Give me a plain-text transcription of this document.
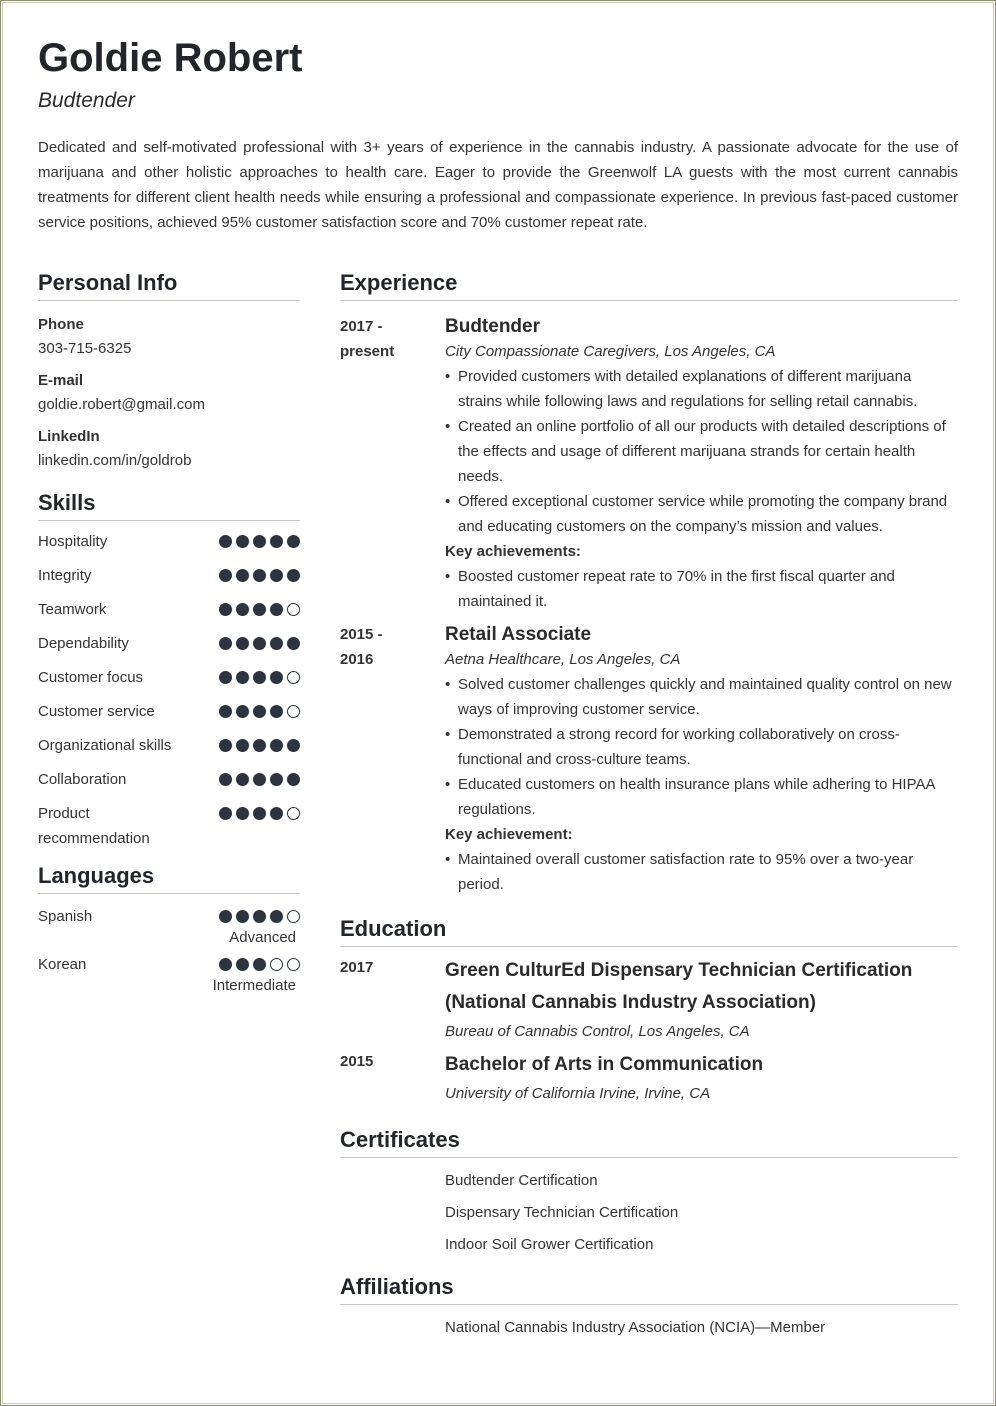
Goldie Robert
Budtender
Dedicated and self-motivated professional with 3+ years of experience in the cannabis industry. A passionate advocate for the use of marijuana and other holistic approaches to health care. Eager to provide the Greenwolf LA guests with the most current cannabis treatments for different client health needs while ensuring a professional and compassionate experience. In previous fast-paced customer service positions, achieved 95% customer satisfaction score and 70% customer repeat rate.
Personal Info
Phone
303-715-6325
E-mail
goldie.robert@gmail.com
LinkedIn
linkedin.com/in/goldrob
Skills
Hospitality
Integrity
Teamwork
Dependability
Customer focus
Customer service
Organizational skills
Collaboration
Product recommendation
Languages
Spanish
Advanced
Korean
Intermediate
Experience
2017 -
present
Budtender
City Compassionate Caregivers, Los Angeles, CA
• Provided customers with detailed explanations of different marijuana strains while following laws and regulations for selling retail cannabis.
• Created an online portfolio of all our products with detailed descriptions of the effects and usage of different marijuana strands for certain health needs.
• Offered exceptional customer service while promoting the company brand and educating customers on the company’s mission and values.
Key achievements:
• Boosted customer repeat rate to 70% in the first fiscal quarter and maintained it.
2015 -
2016
Retail Associate
Aetna Healthcare, Los Angeles, CA
• Solved customer challenges quickly and maintained quality control on new ways of improving customer service.
• Demonstrated a strong record for working collaboratively on cross-functional and cross-culture teams.
• Educated customers on health insurance plans while adhering to HIPAA regulations.
Key achievement:
• Maintained overall customer satisfaction rate to 95% over a two-year period.
Education
2017	Green CulturEd Dispensary Technician Certification (National Cannabis Industry Association)
Bureau of Cannabis Control, Los Angeles, CA
2015	Bachelor of Arts in Communication
University of California Irvine, Irvine, CA
Certificates
Budtender Certification
Dispensary Technician Certification
Indoor Soil Grower Certification
Affiliations
National Cannabis Industry Association (NCIA)—Member
